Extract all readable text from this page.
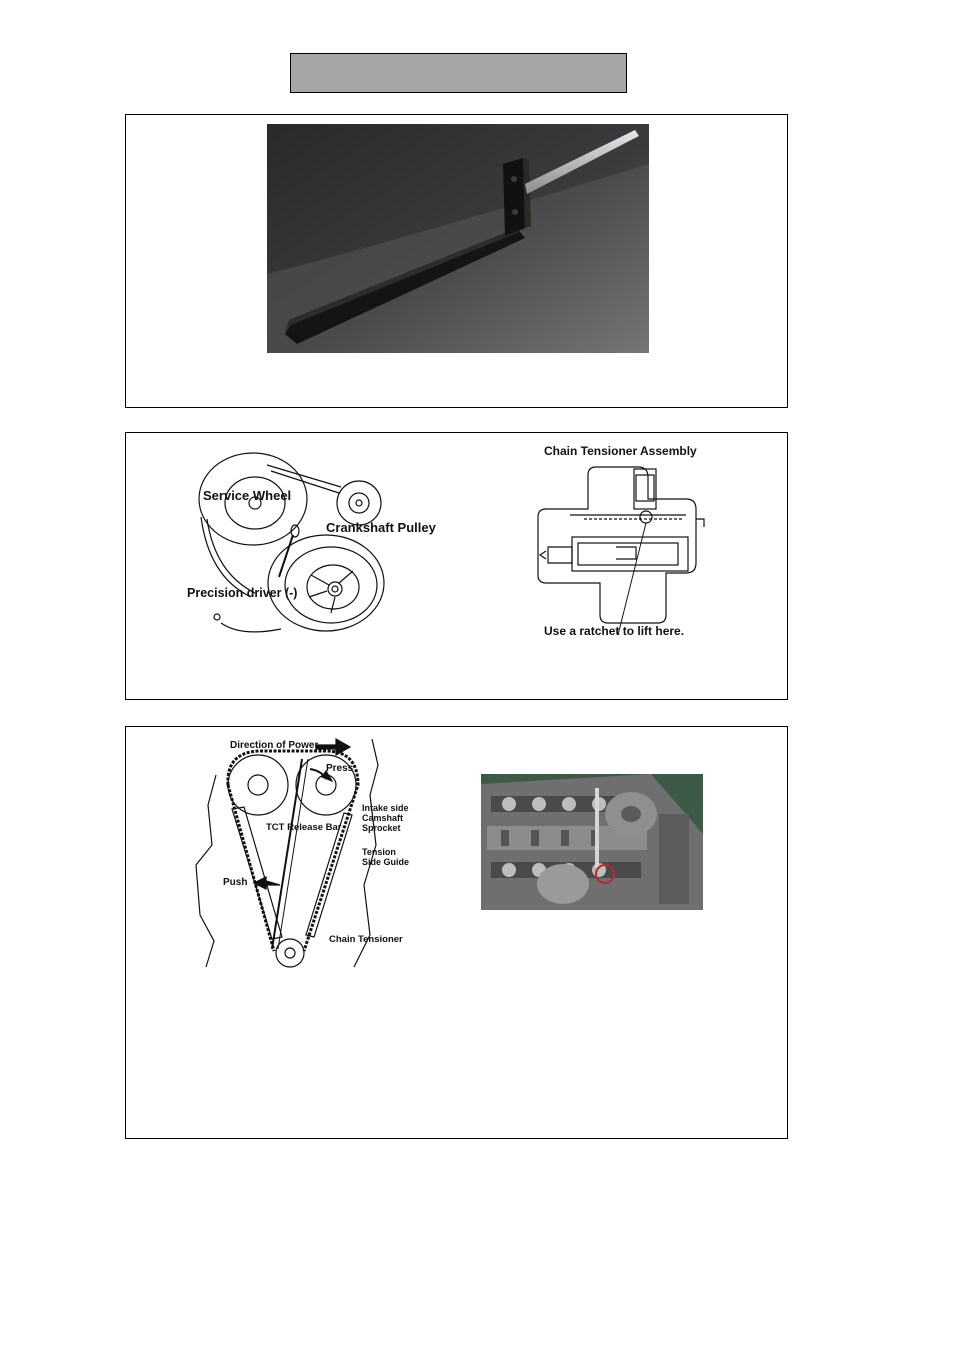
Service Wheel
Crankshaft Pulley
Precision driver (-)
Chain Tensioner Assembly
Use a ratchet to lift here.
Direction of Power
Press
Intake side
Camshaft
Sprocket
TCT Release Bar
Tension
Side Guide
Push
Chain Tensioner
